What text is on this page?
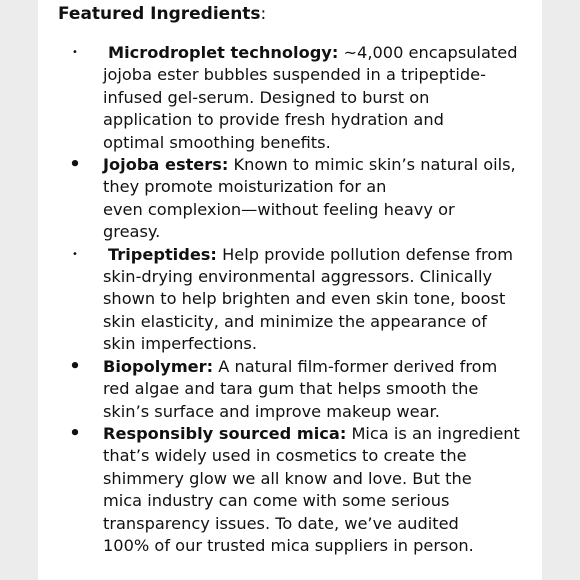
Featured Ingredients:
•	Microdroplet technology: ~4,000 encapsulated
jojoba ester bubbles suspended in a tripeptide-
infused gel-serum. Designed to burst on
application to provide fresh hydration and
optimal smoothing benefits.
• Jojoba esters: Known to mimic skin’s natural oils,
they promote moisturization for an
even complexion—without feeling heavy or
greasy.
•	Tripeptides: Help provide pollution defense from
skin-drying environmental aggressors. Clinically
shown to help brighten and even skin tone, boost
skin elasticity, and minimize the appearance of
skin imperfections.
• Biopolymer: A natural film-former derived from
red algae and tara gum that helps smooth the
skin’s surface and improve makeup wear.
• Responsibly sourced mica: Mica is an ingredient
that’s widely used in cosmetics to create the
shimmery glow we all know and love. But the
mica industry can come with some serious
transparency issues. To date, we’ve audited
100% of our trusted mica suppliers in person.
